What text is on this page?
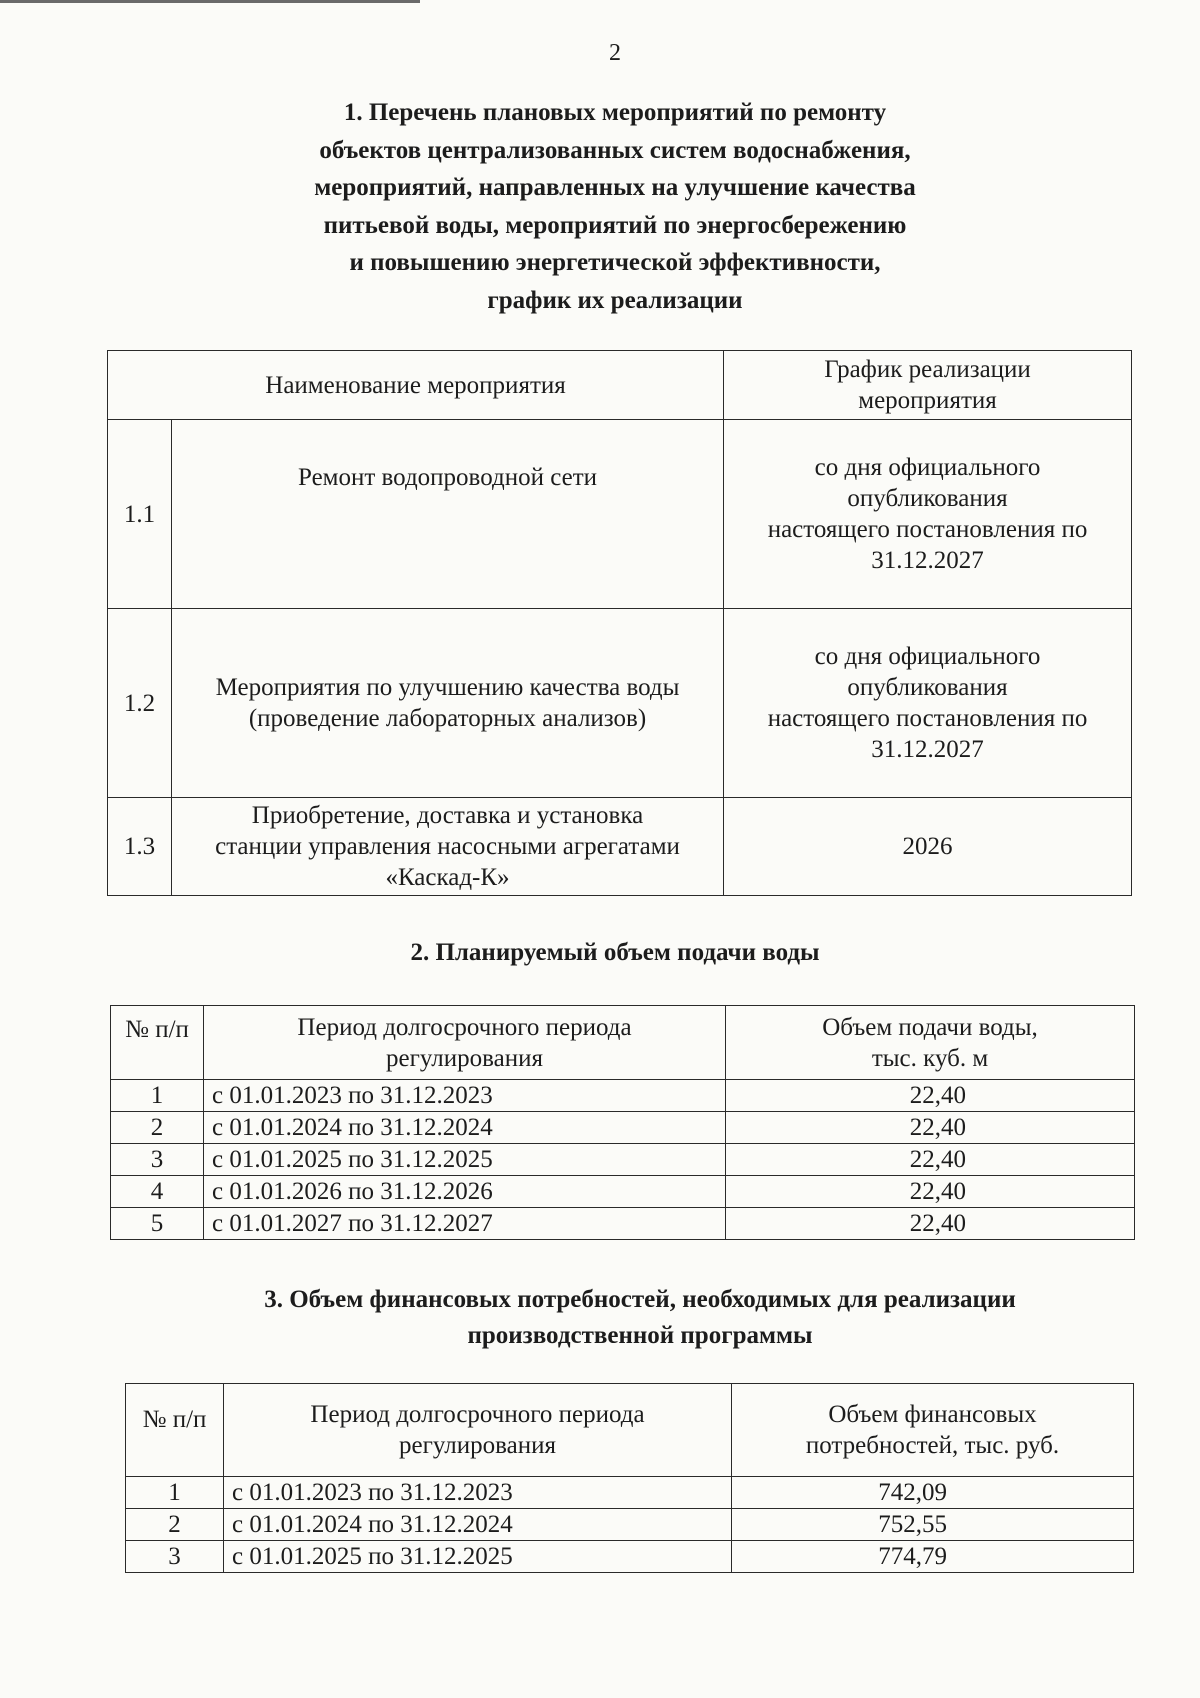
2
1. Перечень плановых мероприятий по ремонту
объектов централизованных систем водоснабжения,
мероприятий, направленных на улучшение качества
питьевой воды, мероприятий по энергосбережению
и повышению энергетической эффективности,
график их реализации
Наименование мероприятия		График реализации
мероприятия
1.1	Ремонт водопроводной сети	со дня официального
опубликования
настоящего постановления по
31.12.2027
1.2	Мероприятия по улучшению качества воды
(проведение лабораторных анализов)	со дня официального
опубликования
настоящего постановления по
31.12.2027
1.3	Приобретение, доставка и установка
станции управления насосными агрегатами
«Каскад-К»	2026
2. Планируемый объем подачи воды
№ п/п	Период долгосрочного периода
регулирования	Объем подачи воды,
тыс. куб. м
1	с 01.01.2023 по 31.12.2023	22,40
2	с 01.01.2024 по 31.12.2024	22,40
3	с 01.01.2025 по 31.12.2025	22,40
4	с 01.01.2026 по 31.12.2026	22,40
5	с 01.01.2027 по 31.12.2027	22,40
3. Объем финансовых потребностей, необходимых для реализации
производственной программы
№ п/п	Период долгосрочного периода
регулирования	Объем финансовых
потребностей, тыс. руб.
1	с 01.01.2023 по 31.12.2023	742,09
2	с 01.01.2024 по 31.12.2024	752,55
3	с 01.01.2025 по 31.12.2025	774,79
